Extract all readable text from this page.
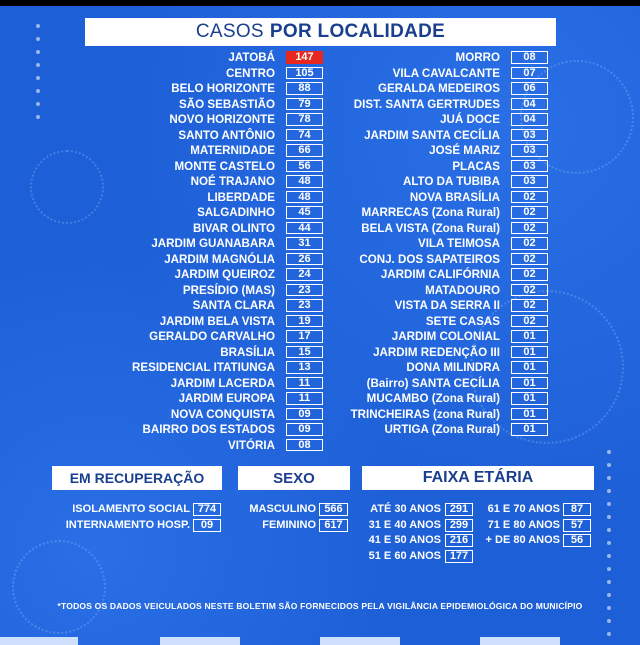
CASOS POR LOCALIDADE
JATOBÁ	147
CENTRO	105
BELO HORIZONTE	88
SÃO SEBASTIÃO	79
NOVO HORIZONTE	78
SANTO ANTÔNIO	74
MATERNIDADE	66
MONTE CASTELO	56
NOÉ TRAJANO	48
LIBERDADE	48
SALGADINHO	45
BIVAR OLINTO	44
JARDIM GUANABARA	31
JARDIM MAGNÓLIA	26
JARDIM QUEIROZ	24
PRESÍDIO (MAS)	23
SANTA CLARA	23
JARDIM BELA VISTA	19
GERALDO CARVALHO	17
BRASÍLIA	15
RESIDENCIAL ITATIUNGA	13
JARDIM LACERDA	11
JARDIM EUROPA	11
NOVA CONQUISTA	09
BAIRRO DOS ESTADOS	09
VITÓRIA	08
MORRO	08
VILA CAVALCANTE	07
GERALDA MEDEIROS	06
DIST. SANTA GERTRUDES	04
JUÁ DOCE	04
JARDIM SANTA CECÍLIA	03
JOSÉ MARIZ	03
PLACAS	03
ALTO DA TUBIBA	03
NOVA BRASÍLIA	02
MARRECAS (Zona Rural)	02
BELA VISTA (Zona Rural)	02
VILA TEIMOSA	02
CONJ. DOS SAPATEIROS	02
JARDIM CALIFÓRNIA	02
MATADOURO	02
VISTA DA SERRA II	02
SETE CASAS	02
JARDIM COLONIAL	01
JARDIM REDENÇÃO III	01
DONA MILINDRA	01
(Bairro) SANTA CECÍLIA	01
MUCAMBO (Zona Rural)	01
TRINCHEIRAS (zona Rural)	01
URTIGA (Zona Rural)	01
EM RECUPERAÇÃO
ISOLAMENTO SOCIAL 774
INTERNAMENTO HOSP. 09
SEXO
MASCULINO 566
FEMININO 617
FAIXA ETÁRIA
ATÉ 30 ANOS 291
31 E 40 ANOS 299
41 E 50 ANOS 216
51 E 60 ANOS 177
61 E 70 ANOS 87
71 E 80 ANOS 57
+ DE 80 ANOS 56
*TODOS OS DADOS VEICULADOS NESTE BOLETIM SÃO FORNECIDOS PELA VIGILÂNCIA EPIDEMIOLÓGICA DO MUNICÍPIO
